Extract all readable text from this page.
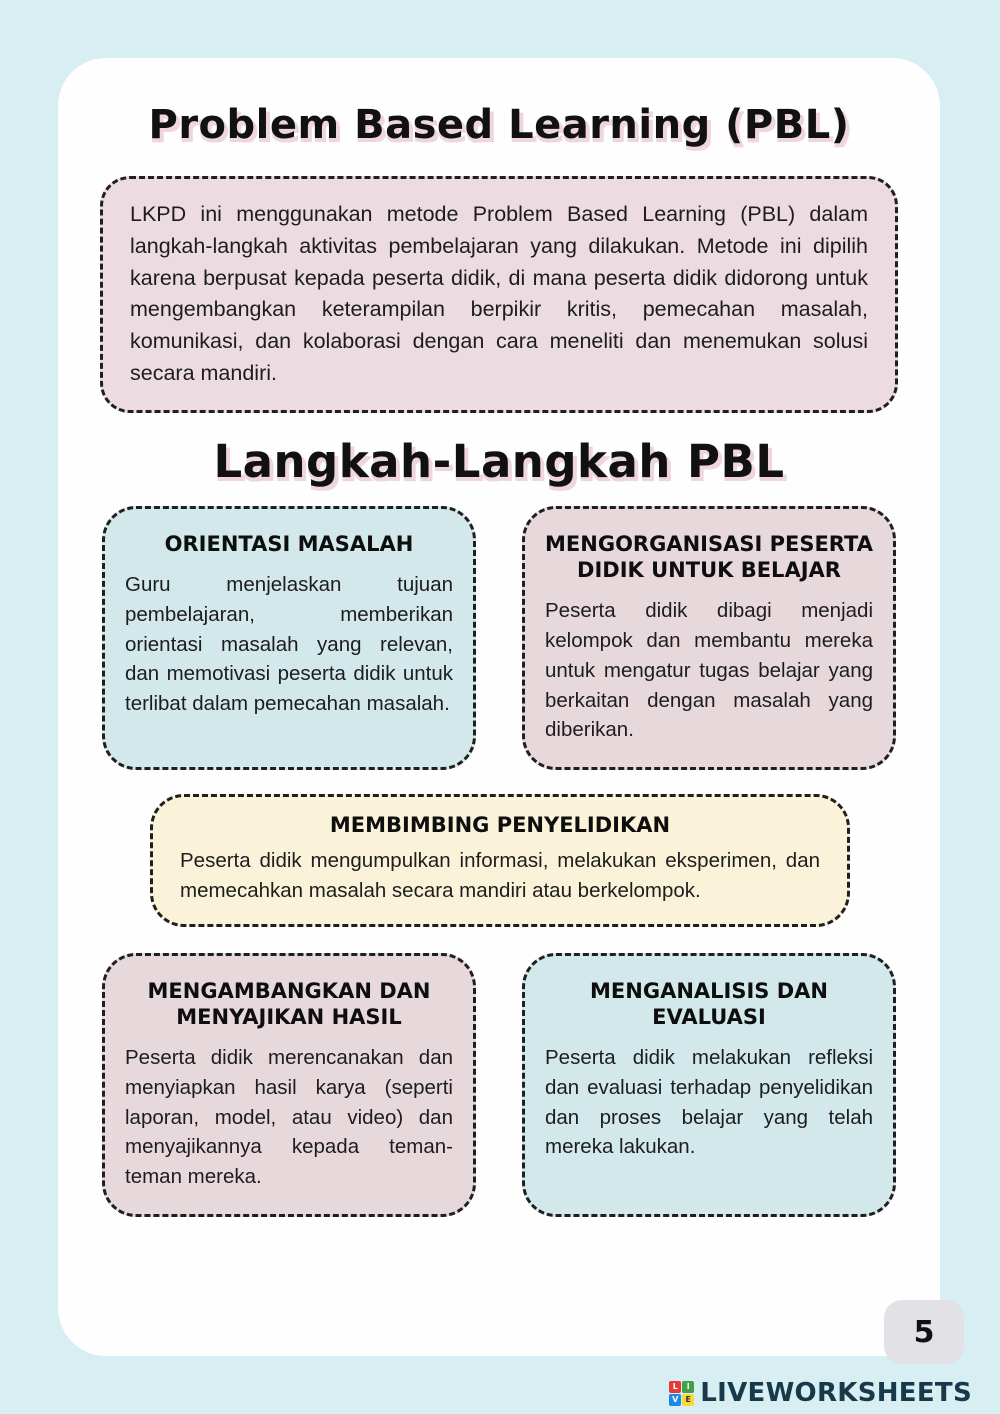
Problem Based Learning (PBL)

LKPD ini menggunakan metode Problem Based Learning (PBL) dalam langkah-langkah aktivitas pembelajaran yang dilakukan. Metode ini dipilih karena berpusat kepada peserta didik, di mana peserta didik didorong untuk mengembangkan keterampilan berpikir kritis, pemecahan masalah, komunikasi, dan kolaborasi dengan cara meneliti dan menemukan solusi secara mandiri.

Langkah-Langkah PBL
ORIENTASI MASALAH

Guru menjelaskan tujuan pembelajaran, memberikan orientasi masalah yang relevan, dan memotivasi peserta didik untuk terlibat dalam pemecahan masalah.

MENGORGANISASI PESERTA DIDIK UNTUK BELAJAR

Peserta didik dibagi menjadi kelompok dan membantu mereka untuk mengatur tugas belajar yang berkaitan dengan masalah yang diberikan.

MEMBIMBING PENYELIDIKAN

Peserta didik mengumpulkan informasi, melakukan eksperimen, dan memecahkan masalah secara mandiri atau berkelompok.

MENGAMBANGKAN DAN MENYAJIKAN HASIL

Peserta didik merencanakan dan menyiapkan hasil karya (seperti laporan, model, atau video) dan menyajikannya kepada teman-teman mereka.

MENGANALISIS DAN EVALUASI

Peserta didik melakukan refleksi dan evaluasi terhadap penyelidikan dan proses belajar yang telah mereka lakukan.

5
L	I
V E LIVEWORKSHEETS
